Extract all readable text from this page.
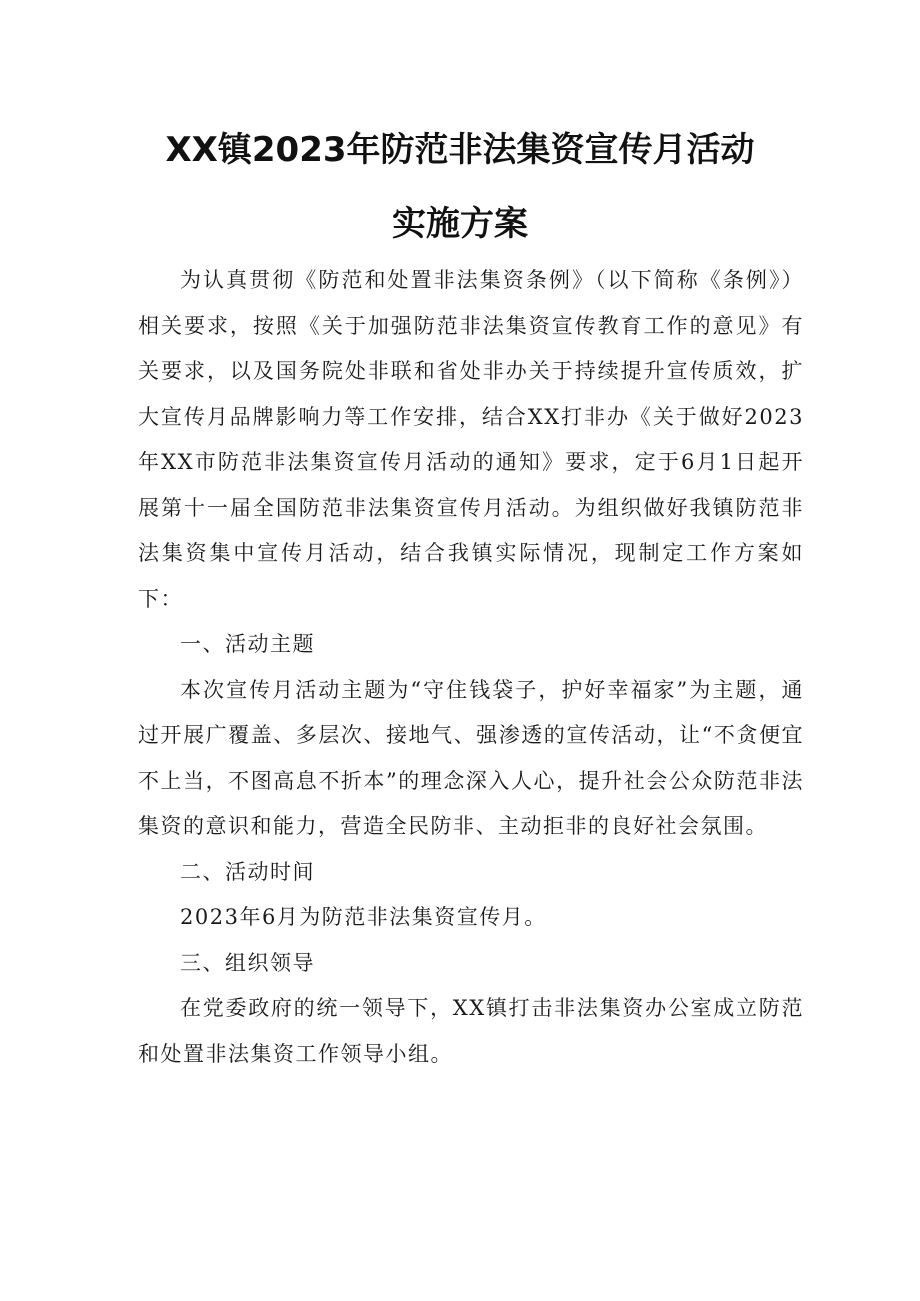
XX镇2023年防范非法集资宣传月活动
实施方案

为认真贯彻《防范和处置非法集资条例》（以下简称《条例》）相关要求，按照《关于加强防范非法集资宣传教育工作的意见》有关要求，以及国务院处非联和省处非办关于持续提升宣传质效，扩大宣传月品牌影响力等工作安排，结合XX打非办《关于做好2023年XX市防范非法集资宣传月活动的通知》要求，定于6月1日起开展第十一届全国防范非法集资宣传月活动。为组织做好我镇防范非法集资集中宣传月活动，结合我镇实际情况，现制定工作方案如下：

一、活动主题

本次宣传月活动主题为“守住钱袋子，护好幸福家”为主题，通过开展广覆盖、多层次、接地气、强渗透的宣传活动，让“不贪便宜不上当，不图高息不折本”的理念深入人心，提升社会公众防范非法集资的意识和能力，营造全民防非、主动拒非的良好社会氛围。

二、活动时间

2023年6月为防范非法集资宣传月。

三、组织领导

在党委政府的统一领导下，XX镇打击非法集资办公室成立防范和处置非法集资工作领导小组。
